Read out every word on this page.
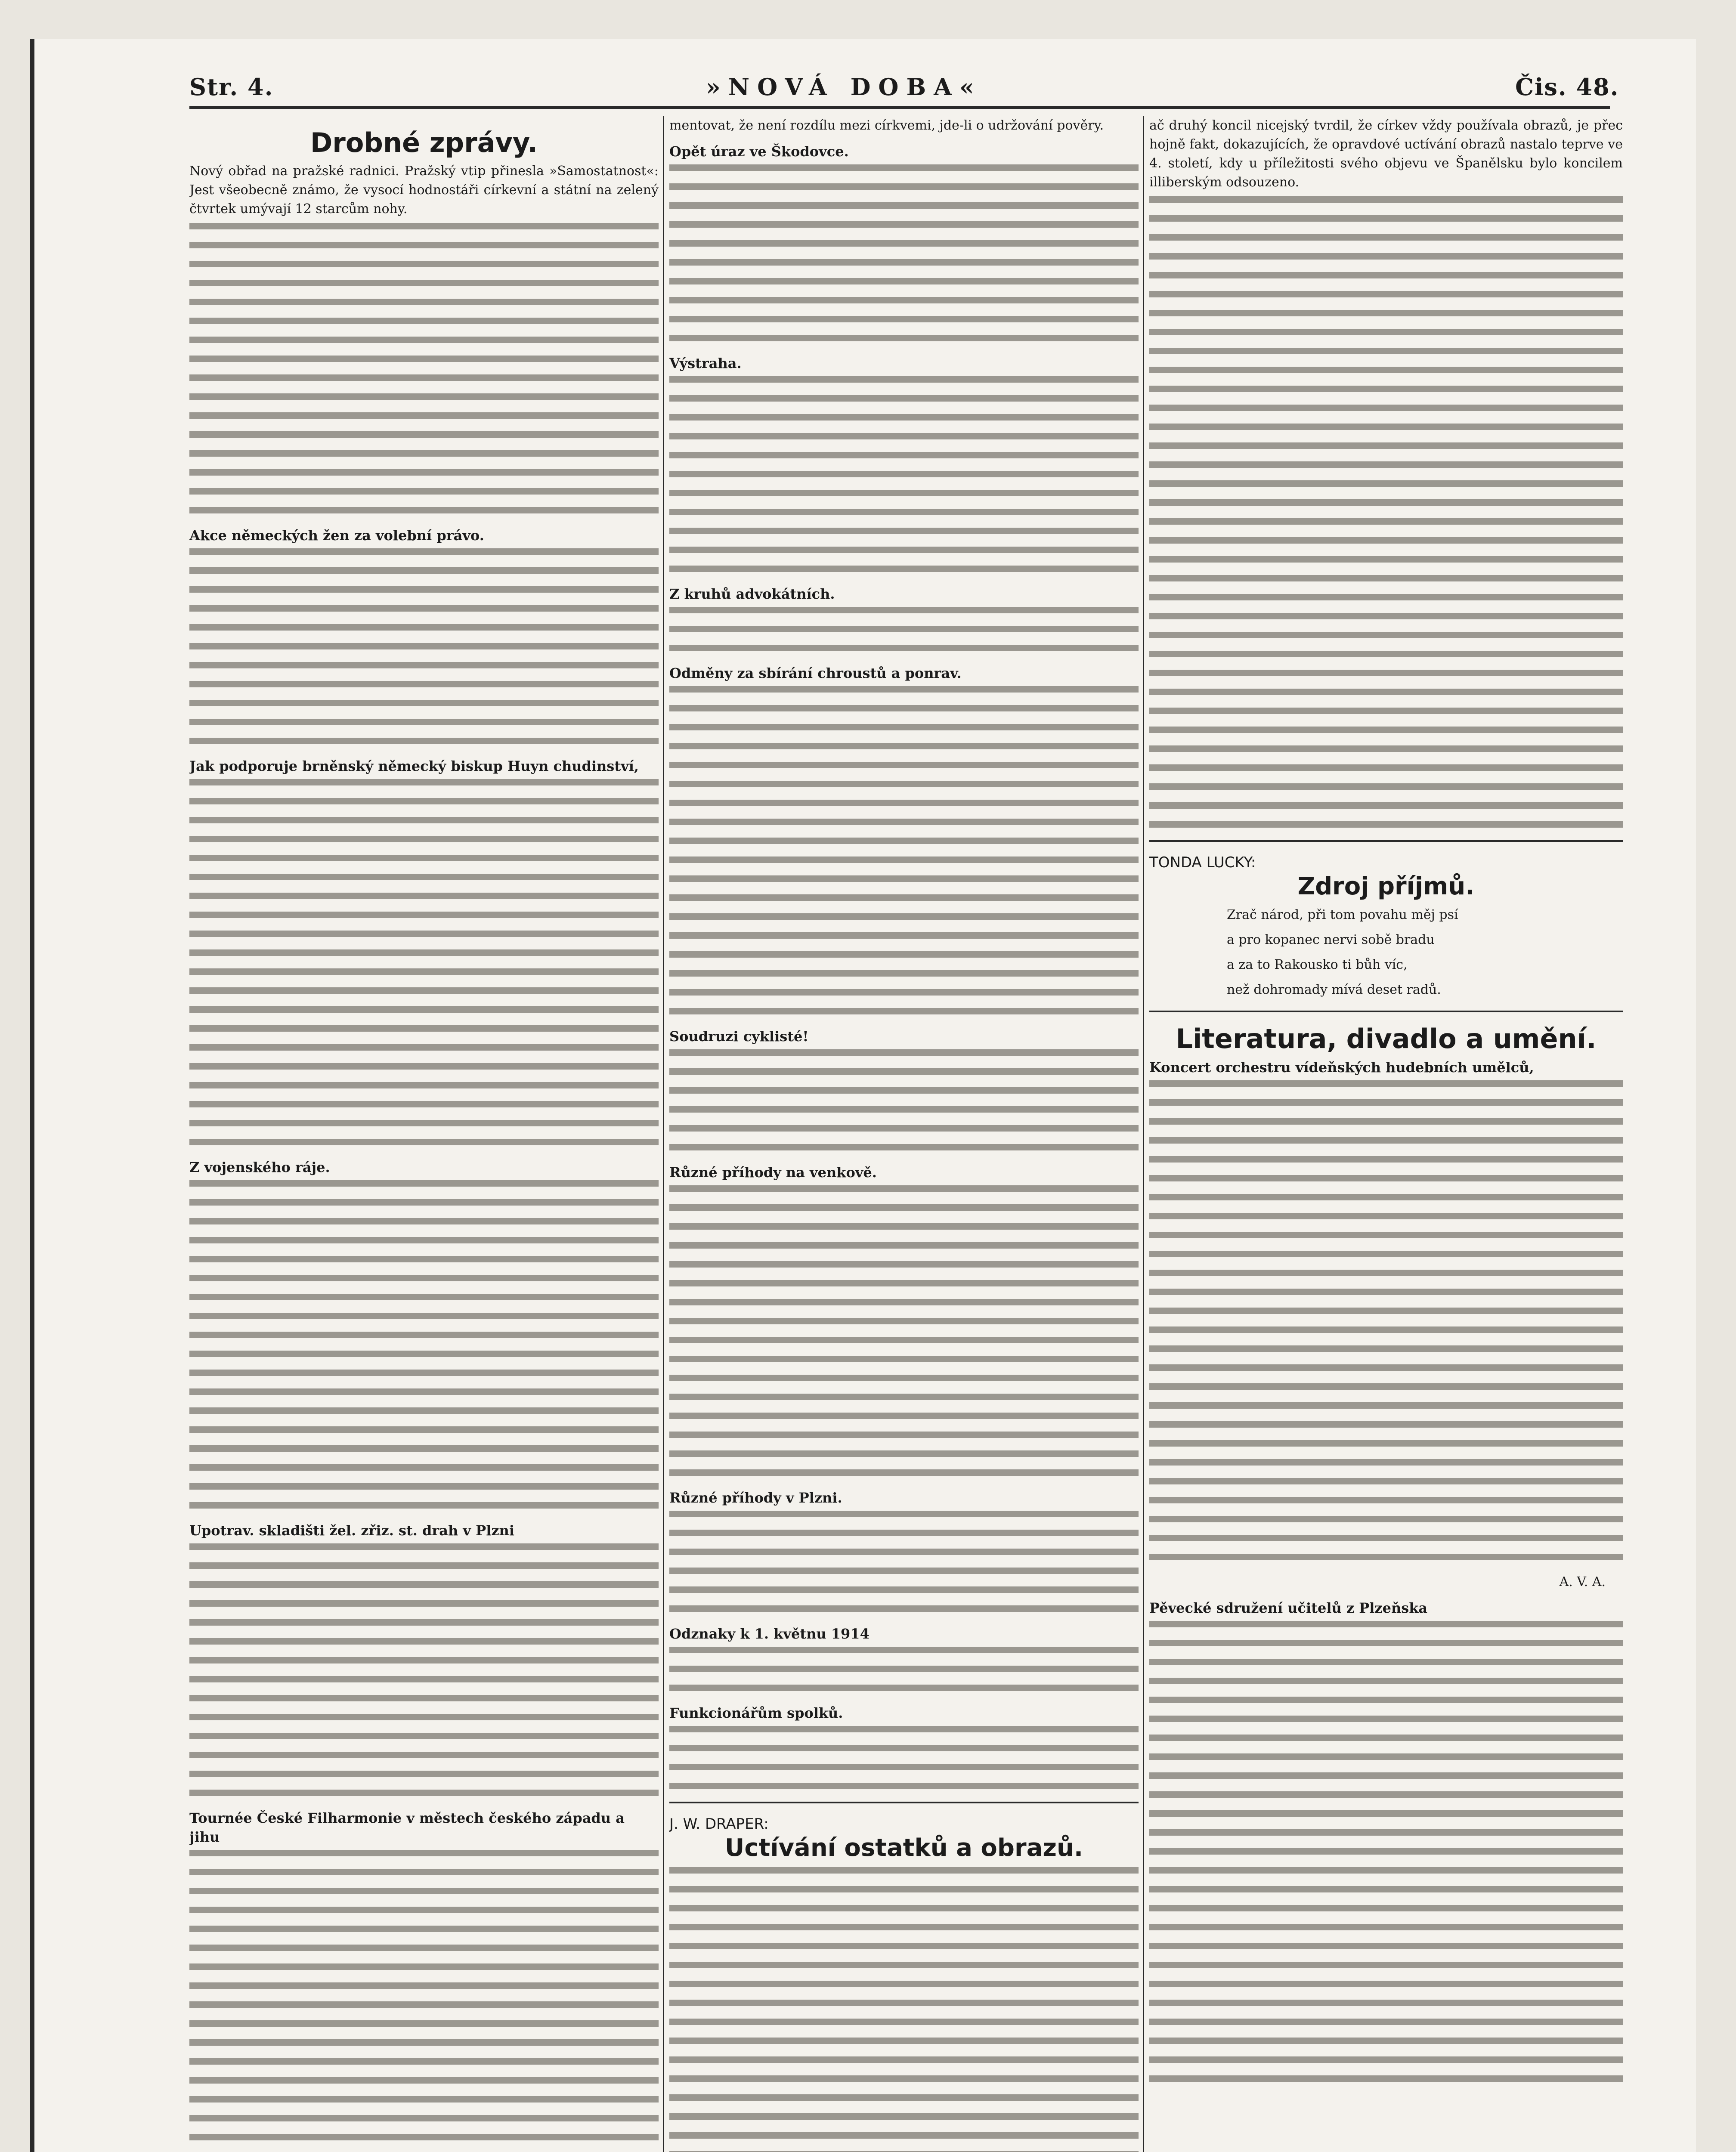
Str. 4.	»NOVÁ DOBA«	Čis. 48.
Drobné zprávy.

Nový obřad na pražské radnici. Pražský vtip přinesla »Samostatnost«: Jest všeobecně známo, že vysocí hodnostáři církevní a státní na zelený čtvrtek umývají 12 starcům nohy.

Akce německých žen za volební právo.
Jak podporuje brněnský německý biskup Huyn chudinství,
Z vojenského ráje.
Upotrav. skladišti žel. zřiz. st. drah v Plzni
Tournée České Filharmonie v městech českého západu a jihu

mentovat, že není rozdílu mezi církvemi, jde-li o udržování pověry.

Opět úraz ve Škodovce.
Výstraha.
Z kruhů advokátních.
Odměny za sbírání chroustů a ponrav.
Soudruzi cyklisté!
Různé příhody na venkově.
Různé příhody v Plzni.
Odznaky k 1. květnu 1914
Funkcionářům spolků.
J. W. DRAPER:
Uctívání ostatků a obrazů.

ač druhý koncil nicejský tvrdil, že církev vždy používala obrazů, je přec hojně fakt, dokazujících, že opravdové uctívání obrazů nastalo teprve ve 4. století, kdy u příležitosti svého objevu ve Španělsku bylo koncilem illiberským odsouzeno.

TONDA LUCKY:
Zdroj příjmů.
Zrač národ, při tom povahu měj psí
a pro kopanec nervi sobě bradu
a za to Rakousko ti bůh víc,
než dohromady mívá deset radů.
Literatura, divadlo a umění.
Koncert orchestru vídeňských hudebních umělců,
A. V. A.
Pěvecké sdružení učitelů z Plzeňska
